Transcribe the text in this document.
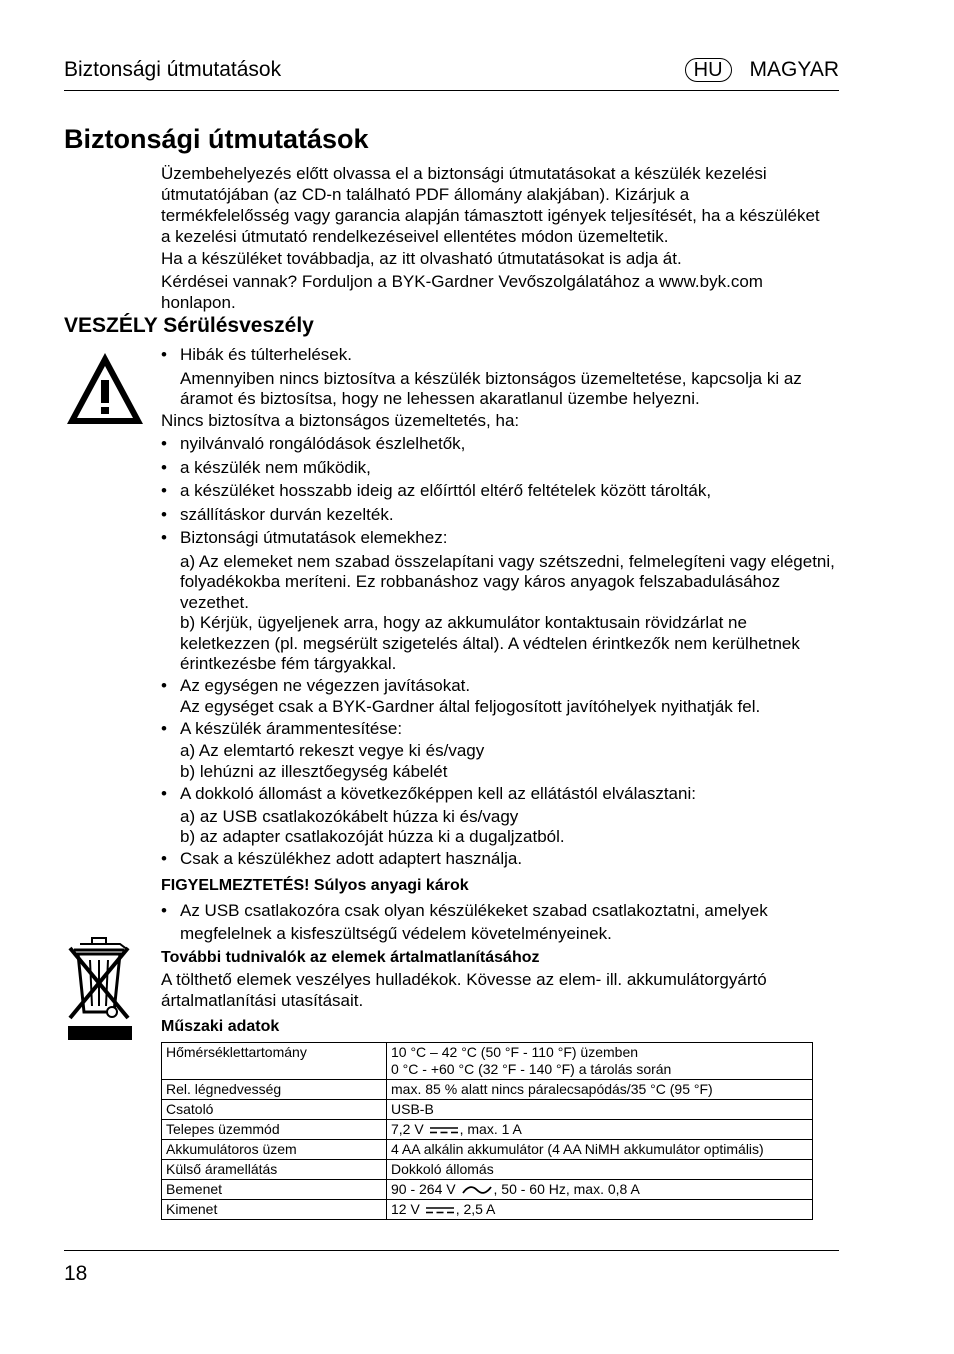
Biztonsági útmutatások	HU	MAGYAR
Biztonsági útmutatások

Üzembehelyezés előtt olvassa el a biztonsági útmutatásokat a készülék kezelési útmutatójában (az CD-n található PDF állomány alakjában). Kizárjuk a termékfelelősség vagy garancia alapján támasztott igények teljesítését, ha a készüléket a kezelési útmutató rendelkezéseivel ellentétes módon üzemeltetik.

Ha a készüléket továbbadja, az itt olvasható útmutatásokat is adja át.

Kérdései vannak? Forduljon a BYK-Gardner Vevőszolgálatához a www.byk.com honlapon.

VESZÉLY Sérülésveszély
• Hibák és túlterhelések.
Amennyiben nincs biztosítva a készülék biztonságos üzemeltetése, kapcsolja ki az áramot és biztosítsa, hogy ne lehessen akaratlanul üzembe helyezni.
Nincs biztosítva a biztonságos üzemeltetés, ha:
• nyilvánvaló rongálódások észlelhetők,
• a készülék nem működik,
• a készüléket hosszabb ideig az előírttól eltérő feltételek között tárolták,
• szállításkor durván kezelték.
• Biztonsági útmutatások elemekhez:
a) Az elemeket nem szabad összelapítani vagy szétszedni, felmelegíteni vagy elégetni, folyadékokba meríteni. Ez robbanáshoz vagy káros anyagok felszabadulásához vezethet.
b) Kérjük, ügyeljenek arra, hogy az akkumulátor kontaktusain rövidzárlat ne keletkezzen (pl. megsérült szigetelés által). A védtelen érintkezők nem kerülhetnek érintkezésbe fém tárgyakkal.
• Az egységen ne végezzen javításokat.
Az egységet csak a BYK-Gardner által feljogosított javítóhelyek nyithatják fel.
• A készülék árammentesítése:
a) Az elemtartó rekeszt vegye ki és/vagy
b) lehúzni az illesztőegység kábelét
• A dokkoló állomást a következőképpen kell az ellátástól elválasztani:
a) az USB csatlakozókábelt húzza ki és/vagy
b) az adapter csatlakozóját húzza ki a dugaljzatból.
• Csak a készülékhez adott adaptert használja.
FIGYELMEZTETÉS! Súlyos anyagi károk
• Az USB csatlakozóra csak olyan készülékeket szabad csatlakoztatni, amelyek megfelelnek a kisfeszültségű védelem követelményeinek.
További tudnivalók az elemek ártalmatlanításához
A tölthető elemek veszélyes hulladékok. Kövesse az elem- ill. akkumulátorgyártó ártalmatlanítási utasításait.
Műszaki adatok
Hőmérséklettartomány	10 °C – 42 °C (50 °F - 110 °F) üzemben
0 °C - +60 °C (32 °F - 140 °F) a tárolás során

Rel. légnedvesség	max. 85 % alatt nincs páralecsapódás/35 °C (95 °F)
Csatoló	USB-B
Telepes üzemmód	7,2 V , max. 1 A
Akkumulátoros üzem	4 AA alkálin akkumulátor (4 AA NiMH akkumulátor optimális)
Külső áramellátás	Dokkoló állomás
Bemenet	90 - 264 V , 50 - 60 Hz, max. 0,8 A
Kimenet	12 V , 2,5 A
18
